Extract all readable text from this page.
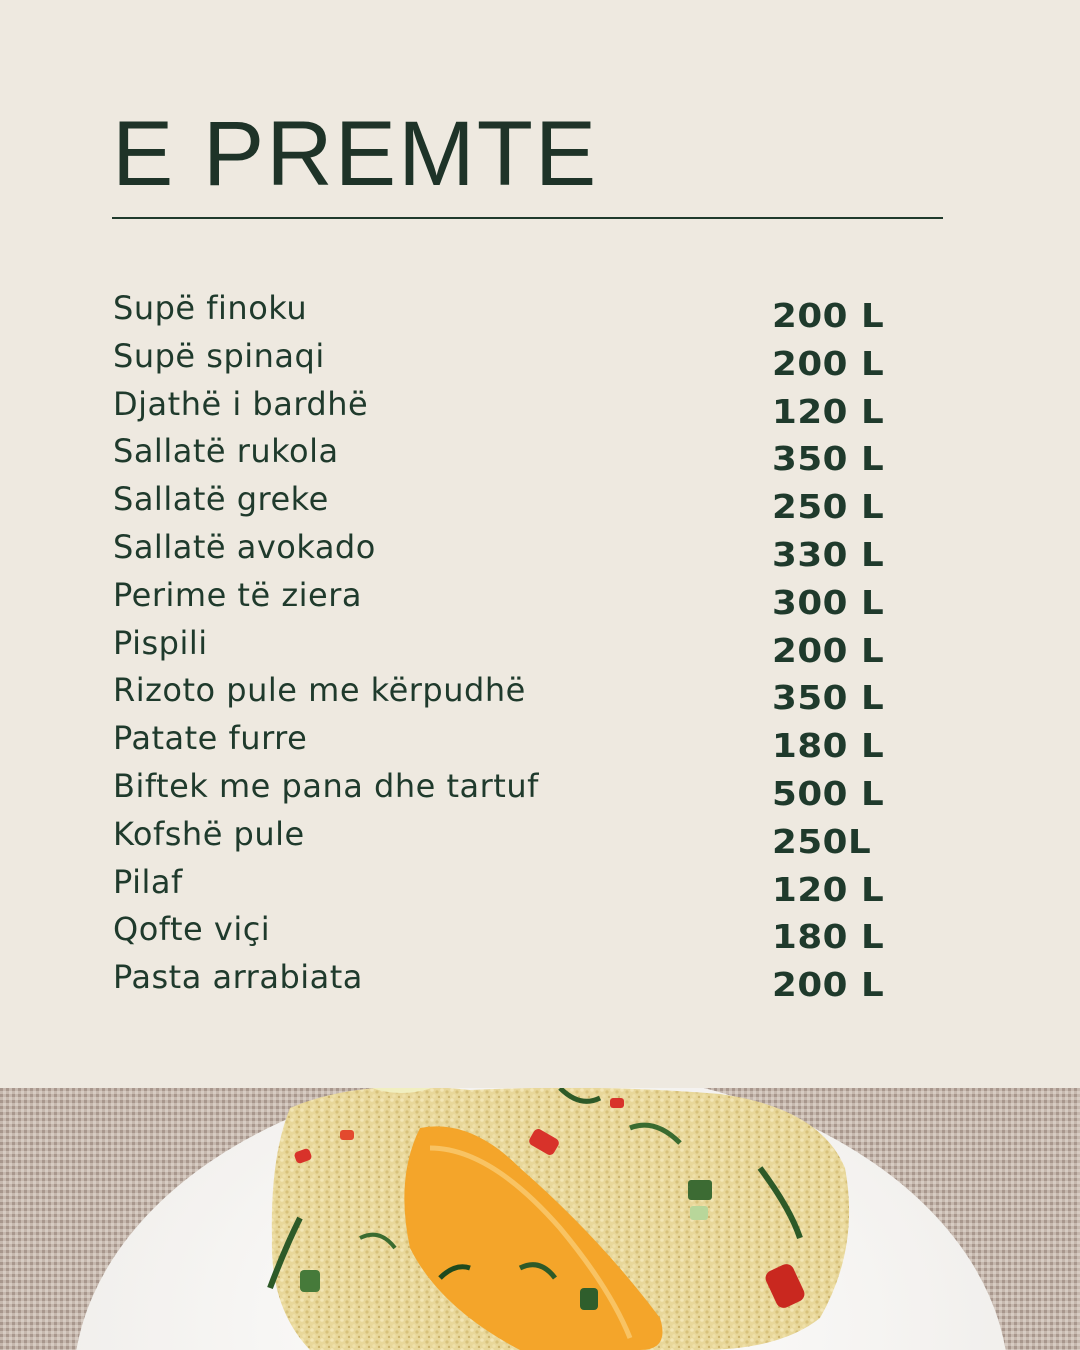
E PREMTE
Supë finoku	200 L
Supë spinaqi	200 L
Djathë i bardhë	120 L
Sallatë rukola	350 L
Sallatë greke	250 L
Sallatë avokado	330 L
Perime të ziera	300 L
Pispili	200 L
Rizoto pule me kërpudhë	350 L
Patate furre	180 L
Biftek me pana dhe tartuf	500 L
Kofshë pule	250L
Pilaf	120 L
Qofte viçi	180 L
Pasta arrabiata	200 L
